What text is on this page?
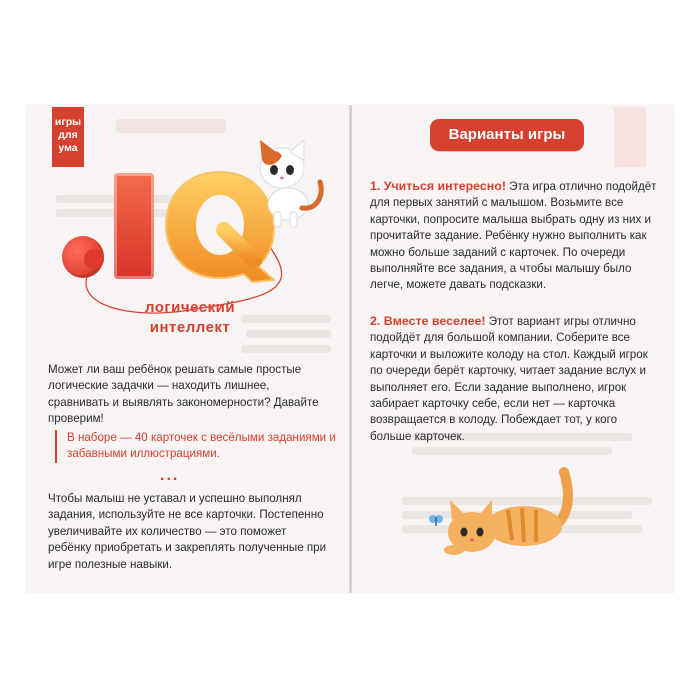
игры
для
ума
логический
интеллект
Может ли ваш ребёнок решать самые простые логические задачки — находить лишнее, сравнивать и выявлять закономерности? Давайте проверим!
В наборе — 40 карточек с весёлыми заданиями и забавными иллюстрациями.
...
Чтобы малыш не уставал и успешно выполнял задания, используйте не все карточки. Постепенно увеличивайте их количество — это поможет ребёнку приобретать и закреплять полученные при игре полезные навыки.
Варианты игры
1. Учиться интересно! Эта игра отлично подойдёт для первых занятий с малышом. Возьмите все карточки, попросите малыша выбрать одну из них и прочитайте задание. Ребёнку нужно выполнить как можно больше заданий с карточек. По очереди выполняйте все задания, а чтобы малышу было легче, можете давать подсказки.
2. Вместе веселее! Этот вариант игры отлично подойдёт для большой компании. Соберите все карточки и выложите колоду на стол. Каждый игрок по очереди берёт карточку, читает задание вслух и выполняет его. Если задание выполнено, игрок забирает карточку себе, если нет — карточка возвращается в колоду. Побеждает тот, у кого больше карточек.
